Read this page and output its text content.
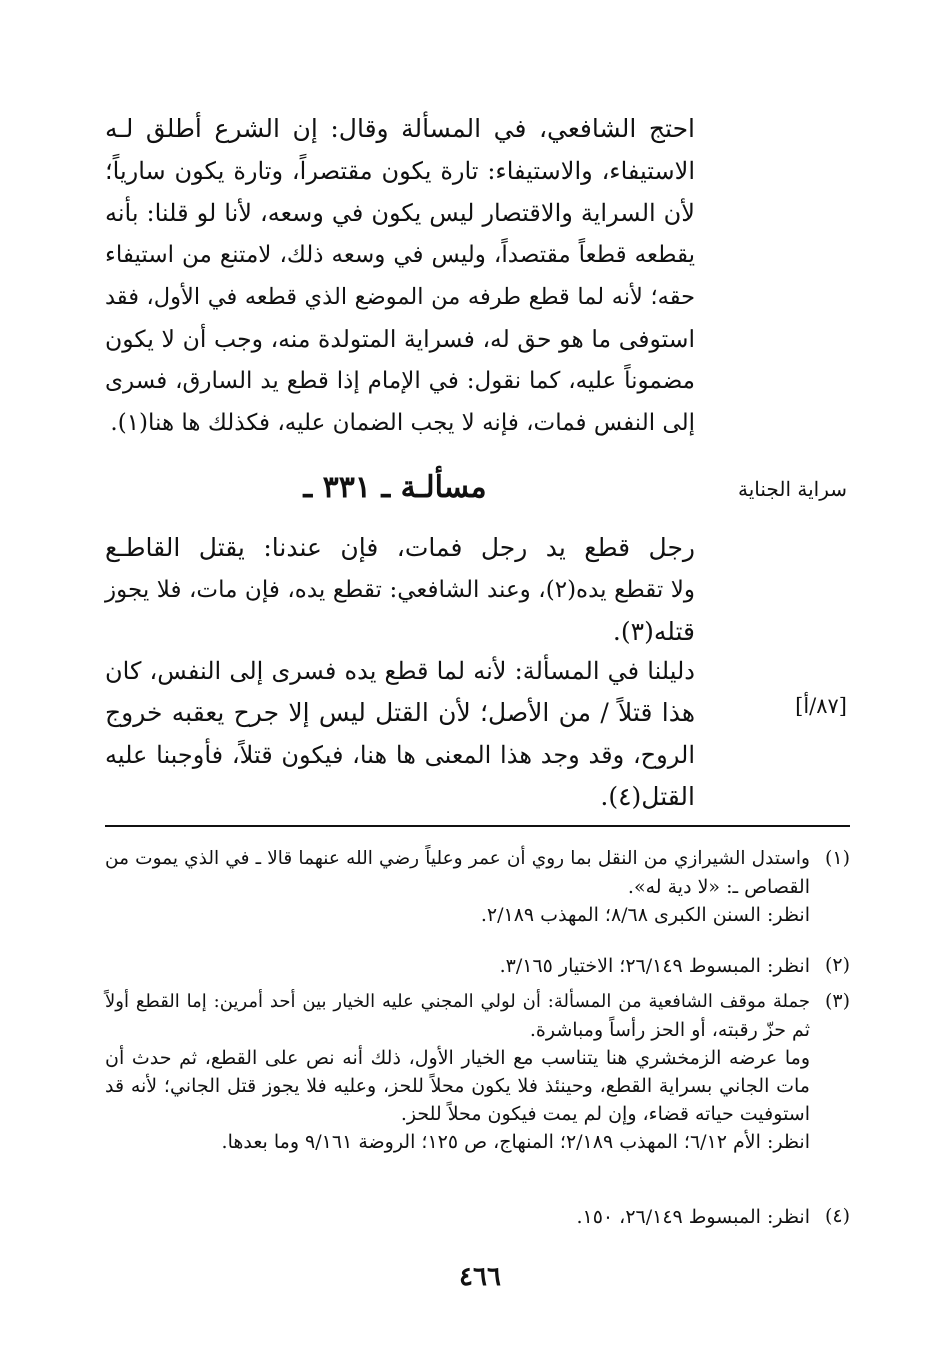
احتج الشافعي، في المسألة وقال: إن الشرع أطلق لـه
الاستيفاء، والاستيفاء: تارة يكون مقتصراً، وتارة يكون سارياً؛
لأن السراية والاقتصار ليس يكون في وسعه، لأنا لو قلنا: بأنه
يقطعه قطعاً مقتصداً، وليس في وسعه ذلك، لامتنع من استيفاء
حقه؛ لأنه لما قطع طرفه من الموضع الذي قطعه في الأول، فقد
استوفى ما هو حق له، فسراية المتولدة منه، وجب أن لا يكون
مضموناً عليه، كما نقول: في الإمام إذا قطع يد السارق، فسرى
إلى النفس فمات، فإنه لا يجب الضمان عليه، فكذلك ها هنا(١).
سراية الجناية
مسألـة ـ ٣٣١ ـ
رجل قطع يد رجل فمات، فإن عندنا: يقتل القاطـع
ولا تقطع يده(٢)، وعند الشافعي: تقطع يده، فإن مات، فلا يجوز
قتله(٣).
دليلنا في المسألة: لأنه لما قطع يده فسرى إلى النفس، كان
هذا قتلاً / من الأصل؛ لأن القتل ليس إلا جرح يعقبه خروج
الروح، وقد وجد هذا المعنى ها هنا، فيكون قتلاً، فأوجبنا عليه
القتل(٤).
[٨٧/أ]
(١)
واستدل الشيرازي من النقل بما روي أن عمر وعلياً رضي الله عنهما قالا ـ في الذي يموت من
القصاص ـ: «لا دية له».
انظر: السنن الكبرى ٨/٦٨؛ المهذب ٢/١٨٩.
(٢)
انظر: المبسوط ٢٦/١٤٩؛ الاختيار ٣/١٦٥.
(٣)
جملة موقف الشافعية من المسألة: أن لولي المجني عليه الخيار بين أحد أمرين: إما القطع أولاً
ثم حزّ رقبته، أو الحز رأساً ومباشرة.
وما عرضه الزمخشري هنا يتناسب مع الخيار الأول، ذلك أنه نص على القطع، ثم حدث أن
مات الجاني بسراية القطع، وحينئذ فلا يكون محلاً للحز، وعليه فلا يجوز قتل الجاني؛ لأنه قد
استوفيت حياته قضاء، وإن لم يمت فيكون محلاً للحز.
انظر: الأم ٦/١٢؛ المهذب ٢/١٨٩؛ المنهاج، ص ١٢٥؛ الروضة ٩/١٦١ وما بعدها.
(٤)
انظر: المبسوط ٢٦/١٤٩، ١٥٠.
٤٦٦
